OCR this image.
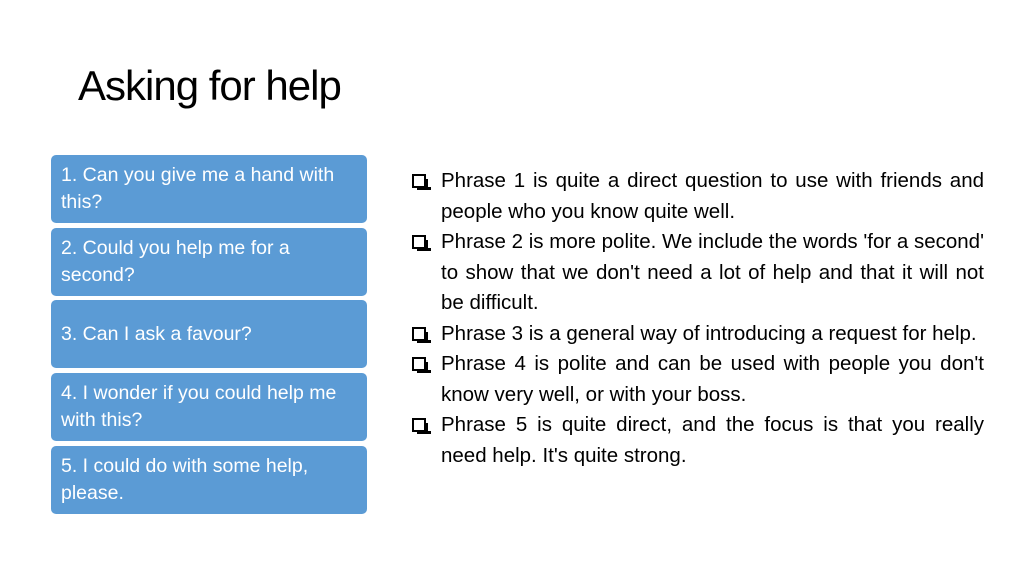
Asking for help
1. Can you give me a hand with this?
2. Could you help me for a second?
3. Can I ask a favour?
4. I wonder if you could help me with this?
5. I could do with some help, please.
Phrase 1 is quite a direct question to use with friends and people who you know quite well.
Phrase 2 is more polite. We include the words 'for a second' to show that we don't need a lot of help and that it will not be difficult.
Phrase 3 is a general way of introducing a request for help.
Phrase 4 is polite and can be used with people you don't know very well, or with your boss.
Phrase 5 is quite direct, and the focus is that you really need help. It's quite strong.
